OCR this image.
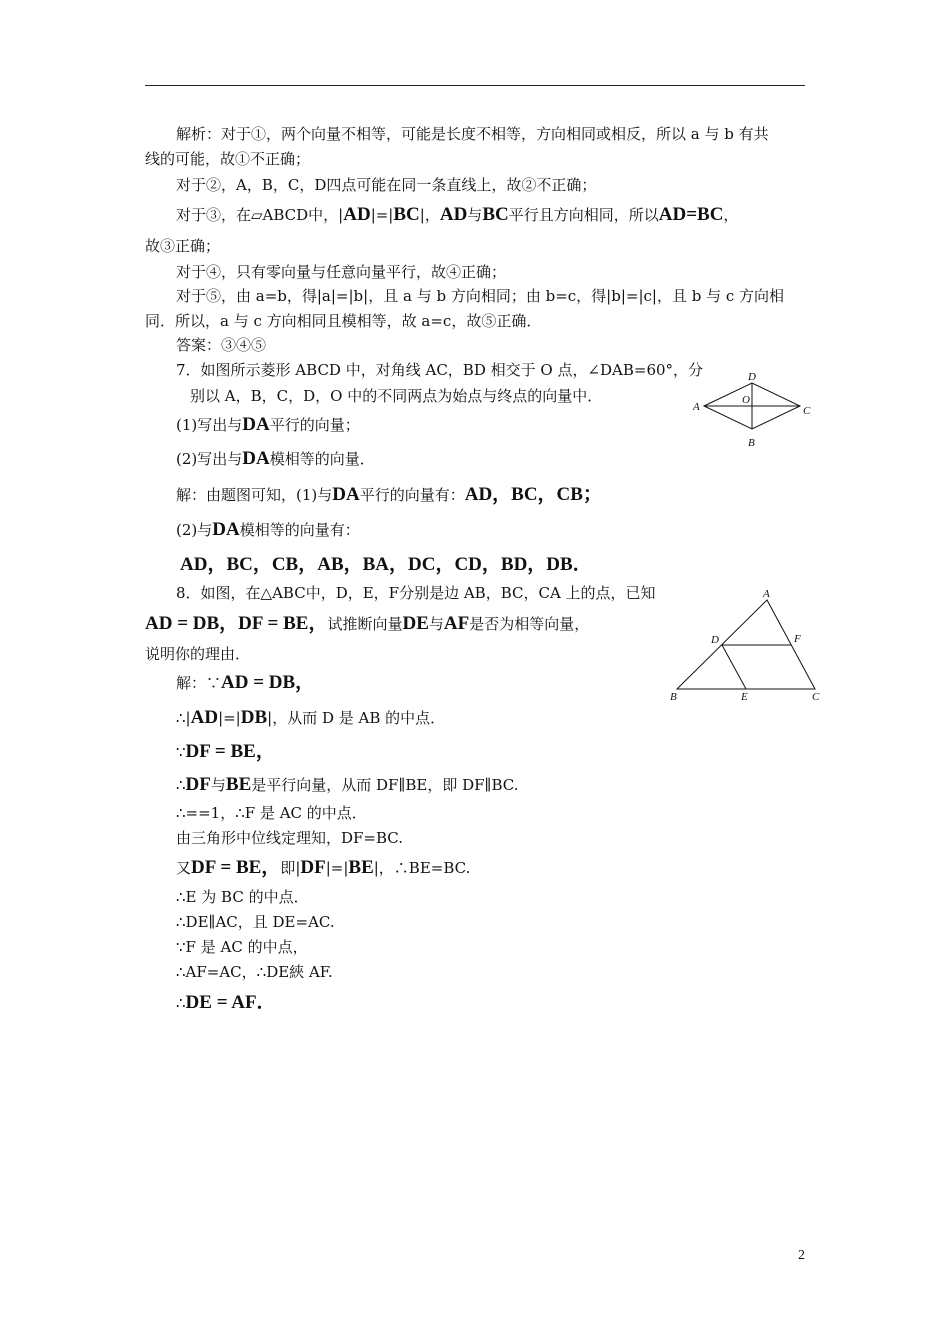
解析：对于①，两个向量不相等，可能是长度不相等，方向相同或相反，所以 a 与 b 有共
线的可能，故①不正确；
对于②，A，B，C，D四点可能在同一条直线上，故②不正确；
对于③，在▱ABCD中，|AD|=|BC|，AD与BC平行且方向相同，所以AD=BC，
故③正确；
对于④，只有零向量与任意向量平行，故④正确；
对于⑤，由 a=b，得|a|=|b|，且 a 与 b 方向相同；由 b=c，得|b|=|c|，且 b 与 c 方向相
同．所以，a 与 c 方向相同且模相等，故 a=c，故⑤正确．
答案：③④⑤
7．如图所示菱形 ABCD 中，对角线 AC，BD 相交于 O 点，∠DAB=60°，分
别以 A，B，C，D，O 中的不同两点为始点与终点的向量中．
(1)写出与DA平行的向量；
(2)写出与DA模相等的向量．
解：由题图可知，(1)与DA平行的向量有：AD，BC，CB；
(2)与DA模相等的向量有：
AD，BC，CB，AB，BA，DC，CD，BD，DB．
D
A	C
B
O
8．如图，在△ABC中，D，E，F分别是边 AB，BC，CA 上的点，已知
AD = DB，DF = BE，试推断向量DE与AF是否为相等向量，
说明你的理由．
解：∵AD = DB，
∴|AD|=|DB|，从而 D 是 AB 的中点．
∵DF = BE，
∴DF与BE是平行向量，从而 DF∥BE，即 DF∥BC.
∴==1，∴F 是 AC 的中点．
由三角形中位线定理知，DF=BC.
又DF = BE，即|DF|=|BE|，∴BE=BC.
∴E 为 BC 的中点．
∴DE∥AC，且 DE=AC.
∵F 是 AC 的中点，
∴AF=AC，∴DE綊 AF.
∴DE = AF．
A
D	F
B	E	C
2
